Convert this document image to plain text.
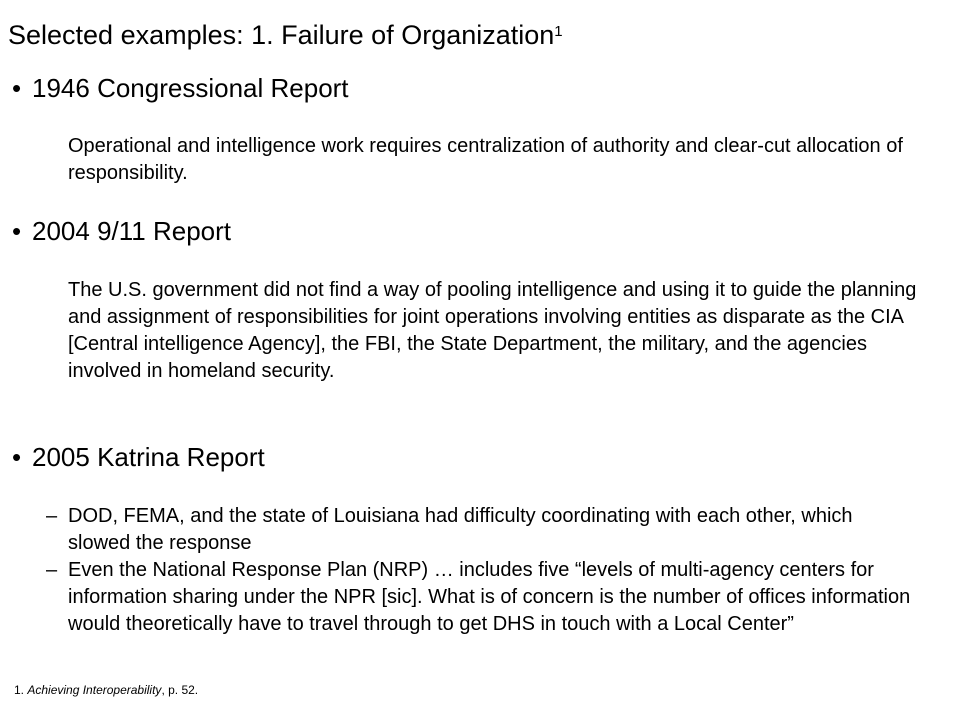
Selected examples: 1. Failure of Organization$^1$
• 1946 Congressional Report
Operational and intelligence work requires centralization of authority and clear-cut allocation of responsibility.
• 2004 9/11 Report
The U.S. government did not find a way of pooling intelligence and using it to guide the planning and assignment of responsibilities for joint operations involving entities as disparate as the CIA [Central intelligence Agency], the FBI, the State Department, the military, and the agencies involved in homeland security.
• 2005 Katrina Report
– DOD, FEMA, and the state of Louisiana had difficulty coordinating with each other, which slowed the response
– Even the National Response Plan (NRP) … includes five “levels of multi-agency centers for information sharing under the NPR [sic]. What is of concern is the number of offices information would theoretically have to travel through to get DHS in touch with a Local Center”
1. Achieving Interoperability, p. 52.
